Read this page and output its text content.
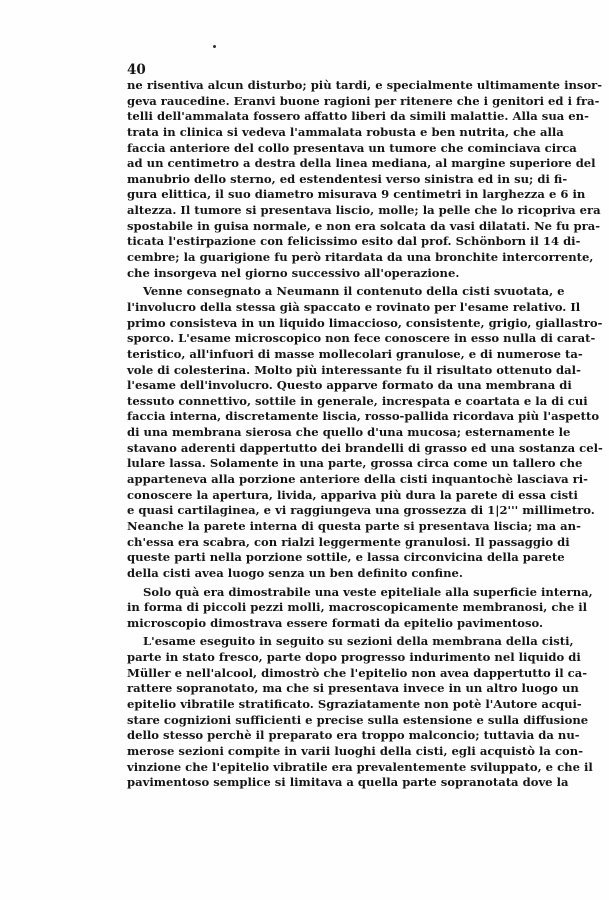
40
ne risentiva alcun disturbo; più tardi, e specialmente ultimamente insor-
geva raucedine. Eranvi buone ragioni per ritenere che i genitori ed i fra-
telli dell'ammalata fossero affatto liberi da simili malattie. Alla sua en-
trata in clinica si vedeva l'ammalata robusta e ben nutrita, che alla
faccia anteriore del collo presentava un tumore che cominciava circa
ad un centimetro a destra della linea mediana, al margine superiore del
manubrio dello sterno, ed estendentesi verso sinistra ed in su; di fi-
gura elittica, il suo diametro misurava 9 centimetri in larghezza e 6 in
altezza. Il tumore si presentava liscio, molle; la pelle che lo ricopriva era
spostabile in guisa normale, e non era solcata da vasi dilatati. Ne fu pra-
ticata l'estirpazione con felicissimo esito dal prof. Schönborn il 14 di-
cembre; la guarigione fu però ritardata da una bronchite intercorrente,
che insorgeva nel giorno successivo all'operazione.
Venne consegnato a Neumann il contenuto della cisti svuotata, e
l'involucro della stessa già spaccato e rovinato per l'esame relativo. Il
primo consisteva in un liquido limaccioso, consistente, grigio, giallastro-
sporco. L'esame microscopico non fece conoscere in esso nulla di carat-
teristico, all'infuori di masse mollecolari granulose, e di numerose ta-
vole di colesterina. Molto più interessante fu il risultato ottenuto dal-
l'esame dell'involucro. Questo apparve formato da una membrana di
tessuto connettivo, sottile in generale, increspata e coartata e la di cui
faccia interna, discretamente liscia, rosso-pallida ricordava più l'aspetto
di una membrana sierosa che quello d'una mucosa; esternamente le
stavano aderenti dappertutto dei brandelli di grasso ed una sostanza cel-
lulare lassa. Solamente in una parte, grossa circa come un tallero che
apparteneva alla porzione anteriore della cisti inquantochè lasciava ri-
conoscere la apertura, livida, appariva più dura la parete di essa cisti
e quasi cartilaginea, e vi raggiungeva una grossezza di 1|2''' millimetro.
Neanche la parete interna di questa parte si presentava liscia; ma an-
ch'essa era scabra, con rialzi leggermente granulosi. Il passaggio di
queste parti nella porzione sottile, e lassa circonvicina della parete
della cisti avea luogo senza un ben definito confine.
Solo quà era dimostrabile una veste epiteliale alla superficie interna,
in forma di piccoli pezzi molli, macroscopicamente membranosi, che il
microscopio dimostrava essere formati da epitelio pavimentoso.
L'esame eseguito in seguito su sezioni della membrana della cisti,
parte in stato fresco, parte dopo progresso indurimento nel liquido di
Müller e nell'alcool, dimostrò che l'epitelio non avea dappertutto il ca-
rattere sopranotato, ma che si presentava invece in un altro luogo un
epitelio vibratile stratificato. Sgraziatamente non potè l'Autore acqui-
stare cognizioni sufficienti e precise sulla estensione e sulla diffusione
dello stesso perchè il preparato era troppo malconcio; tuttavia da nu-
merose sezioni compite in varii luoghi della cisti, egli acquistò la con-
vinzione che l'epitelio vibratile era prevalentemente sviluppato, e che il
pavimentoso semplice si limitava a quella parte sopranotata dove la
